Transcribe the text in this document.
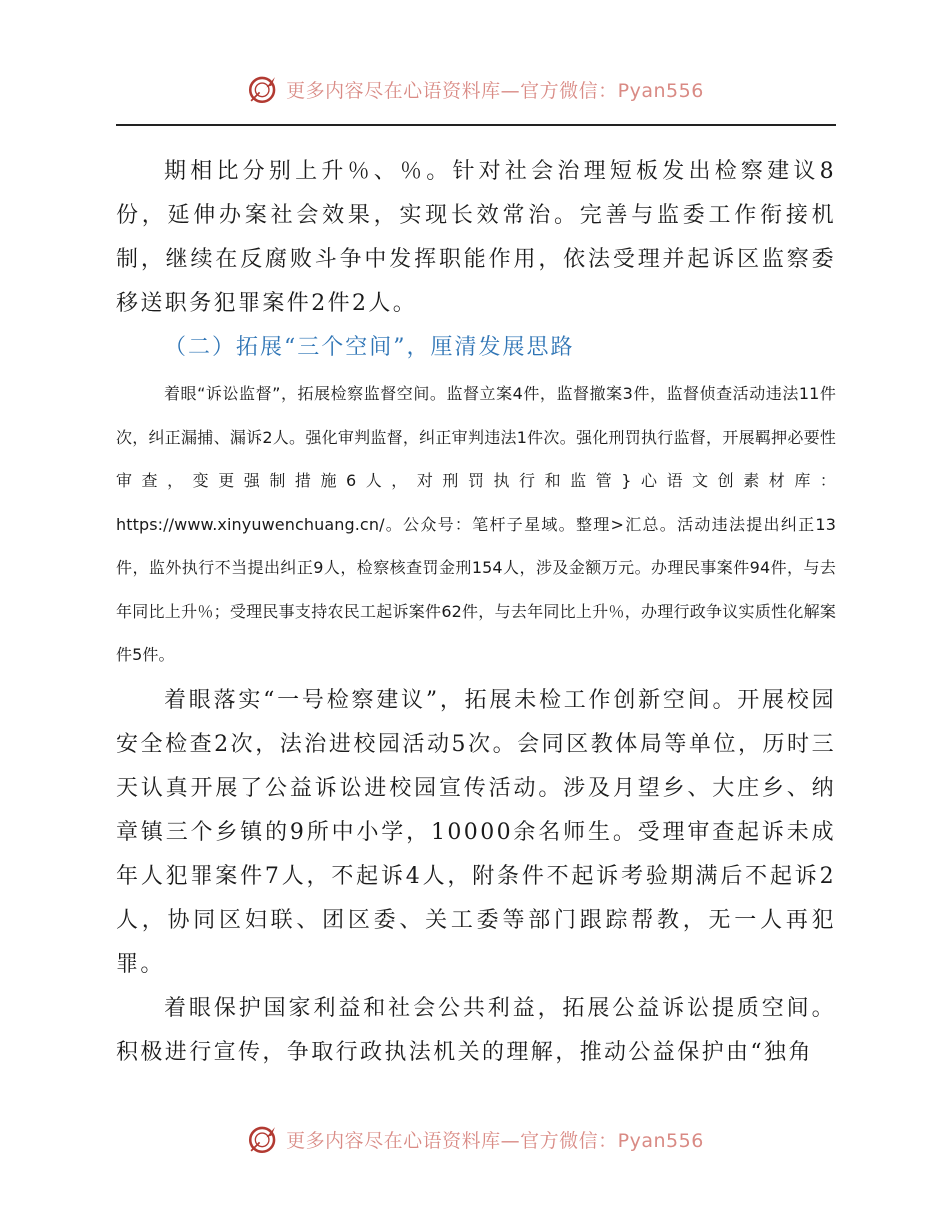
更多内容尽在心语资料库—官方微信：Pyan556

期相比分别上升％、％。针对社会治理短板发出检察建议8份，延伸办案社会效果，实现长效常治。完善与监委工作衔接机制，继续在反腐败斗争中发挥职能作用，依法受理并起诉区监察委移送职务犯罪案件2件2人。

（二）拓展“三个空间”，厘清发展思路

着眼“诉讼监督”，拓展检察监督空间。监督立案4件，监督撤案3件，监督侦查活动违法11件次，纠正漏捕、漏诉2人。强化审判监督，纠正审判违法1件次。强化刑罚执行监督，开展羁押必要性审查，变更强制措施6人，对刑罚执行和监管}心语文创素材库：https://www.xinyuwenchuang.cn/。公众号：笔杆子星域。整理>汇总。活动违法提出纠正13件，监外执行不当提出纠正9人，检察核查罚金刑154人，涉及金额万元。办理民事案件94件，与去年同比上升％；受理民事支持农民工起诉案件62件，与去年同比上升％，办理行政争议实质性化解案件5件。

着眼落实“一号检察建议”，拓展未检工作创新空间。开展校园安全检查2次，法治进校园活动5次。会同区教体局等单位，历时三天认真开展了公益诉讼进校园宣传活动。涉及月望乡、大庄乡、纳章镇三个乡镇的9所中小学，10000余名师生。受理审查起诉未成年人犯罪案件7人，不起诉4人，附条件不起诉考验期满后不起诉2人，协同区妇联、团区委、关工委等部门跟踪帮教，无一人再犯罪。

着眼保护国家利益和社会公共利益，拓展公益诉讼提质空间。积极进行宣传，争取行政执法机关的理解，推动公益保护由“独角

更多内容尽在心语资料库—官方微信：Pyan556
